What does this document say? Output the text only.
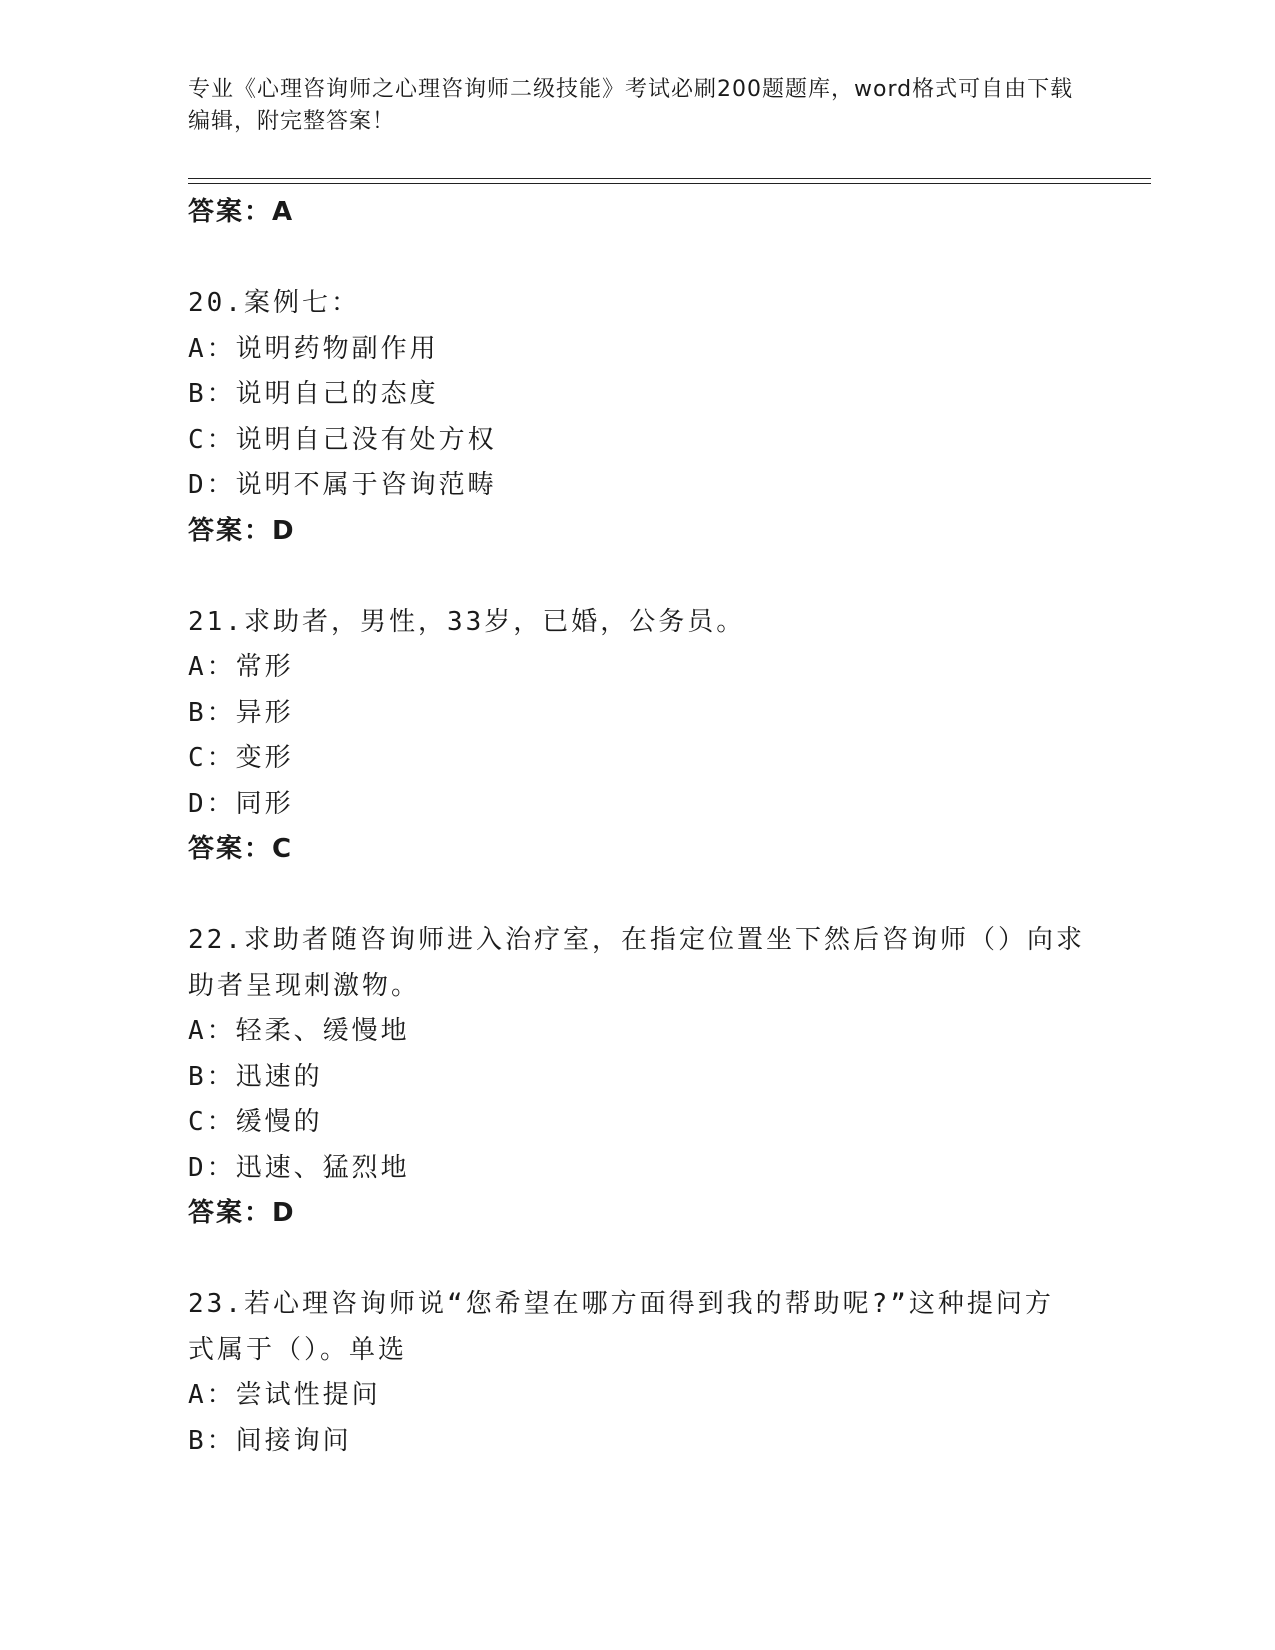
专业《心理咨询师之心理咨询师二级技能》考试必刷200题题库，word格式可自由下载编辑，附完整答案！
答案：A
20.案例七：
A：说明药物副作用
B：说明自己的态度
C：说明自己没有处方权
D：说明不属于咨询范畴
答案：D
21.求助者，男性，33岁，已婚，公务员。
A：常形
B：异形
C：变形
D：同形
答案：C
22.求助者随咨询师进入治疗室，在指定位置坐下然后咨询师（）向求
助者呈现刺激物。
A：轻柔、缓慢地
B：迅速的
C：缓慢的
D：迅速、猛烈地
答案：D
23.若心理咨询师说“您希望在哪方面得到我的帮助呢?”这种提问方
式属于（）。单选
A：尝试性提问
B：间接询问
